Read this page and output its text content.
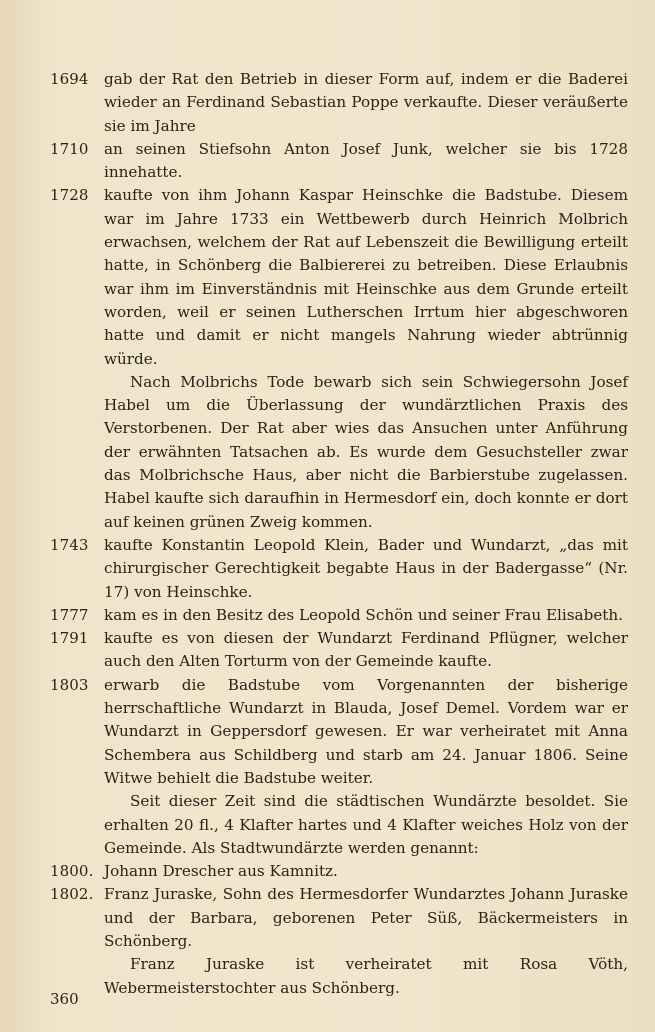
1694	gab der Rat den Betrieb in dieser Form auf, indem er die Baderei wieder an Ferdinand Sebastian Poppe verkaufte. Dieser veräußerte sie im Jahre
1710	an seinen Stiefsohn Anton Josef Junk, welcher sie bis 1728 innehatte.
1728	kaufte von ihm Johann Kaspar Heinschke die Badstube. Diesem war im Jahre 1733 ein Wettbewerb durch Heinrich Molbrich erwachsen, welchem der Rat auf Lebenszeit die Bewilligung erteilt hatte, in Schönberg die Balbiererei zu betreiben. Diese Erlaubnis war ihm im Einverständnis mit Heinschke aus dem Grunde erteilt worden, weil er seinen Lutherschen Irrtum hier abgeschworen hatte und damit er nicht mangels Nahrung wieder abtrünnig würde.

Nach Molbrichs Tode bewarb sich sein Schwiegersohn Josef Habel um die Überlassung der wundärztlichen Praxis des Verstorbenen. Der Rat aber wies das Ansuchen unter Anführung der erwähnten Tatsachen ab. Es wurde dem Gesuchsteller zwar das Molbrichsche Haus, aber nicht die Barbierstube zugelassen. Habel kaufte sich daraufhin in Hermesdorf ein, doch konnte er dort auf keinen grünen Zweig kommen.

1743	kaufte Konstantin Leopold Klein, Bader und Wundarzt, „das mit chirurgischer Gerechtigkeit begabte Haus in der Badergasse“ (Nr. 17) von Heinschke.
1777	kam es in den Besitz des Leopold Schön und seiner Frau Elisabeth.
1791	kaufte es von diesen der Wundarzt Ferdinand Pflügner, welcher auch den Alten Torturm von der Gemeinde kaufte.
1803	erwarb die Badstube vom Vorgenannten der bisherige herrschaftliche Wundarzt in Blauda, Josef Demel. Vordem war er Wundarzt in Geppersdorf gewesen. Er war verheiratet mit Anna Schembera aus Schildberg und starb am 24. Januar 1806. Seine Witwe behielt die Badstube weiter.

Seit dieser Zeit sind die städtischen Wundärzte besoldet. Sie erhalten 20 fl., 4 Klafter hartes und 4 Klafter weiches Holz von der Gemeinde. Als Stadtwundärzte werden genannt:

1800. Johann Drescher aus Kamnitz.
1802. Franz Juraske, Sohn des Hermesdorfer Wundarztes Johann Juraske und der Barbara, geborenen Peter Süß, Bäckermeisters in Schönberg.

Franz Juraske ist verheiratet mit Rosa Vöth, Webermeisterstochter aus Schönberg.

360
